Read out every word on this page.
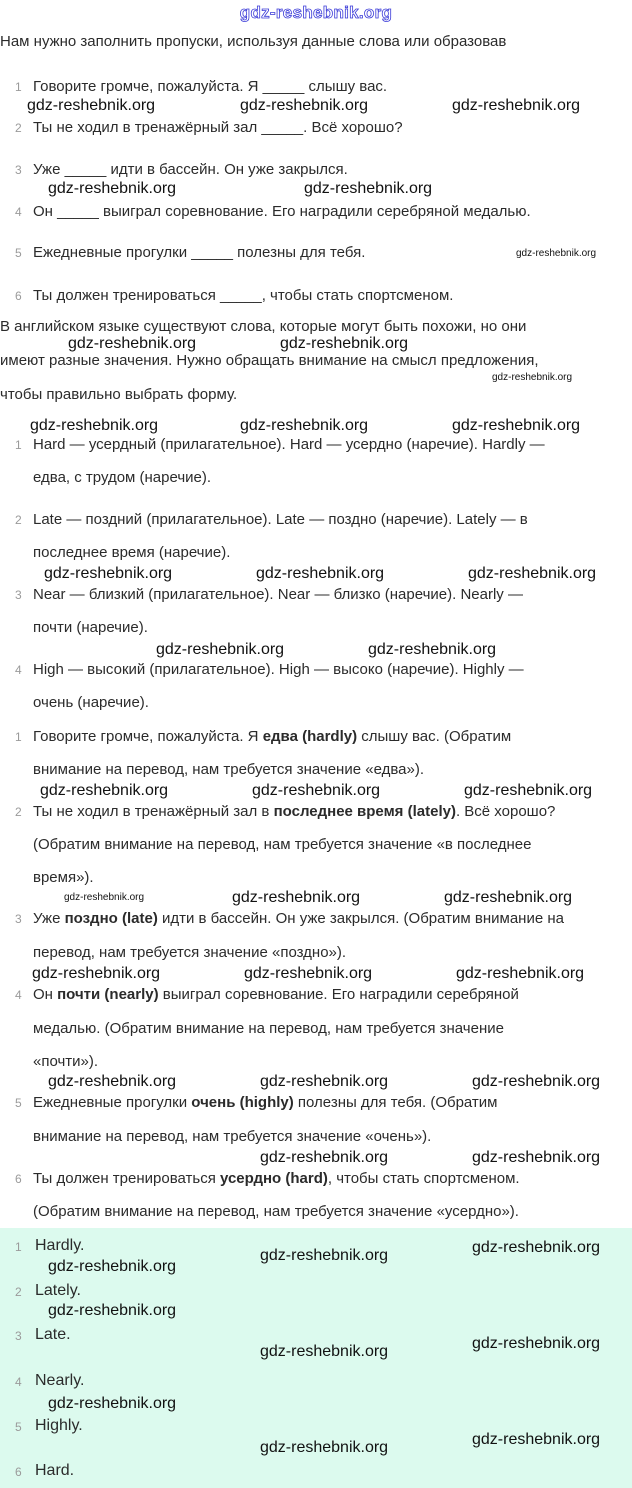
gdz-reshebnik.org
Нам нужно заполнить пропуски, используя данные слова или образовав
1 Говорите громче, пожалуйста. Я _____ слышу вас.
2 Ты не ходил в тренажёрный зал _____. Всё хорошо?
3 Уже _____ идти в бассейн. Он уже закрылся.
4 Он _____ выиграл соревнование. Его наградили серебряной медалью.
5 Ежедневные прогулки _____ полезны для тебя.
6 Ты должен тренироваться _____, чтобы стать спортсменом.
В английском языке существуют слова, которые могут быть похожи, но они
имеют разные значения. Нужно обращать внимание на смысл предложения,
чтобы правильно выбрать форму.
1 Hard — усердный (прилагательное). Hard — усердно (наречие). Hardly —
едва, с трудом (наречие).
2 Late — поздний (прилагательное). Late — поздно (наречие). Lately — в
последнее время (наречие).
3 Near — близкий (прилагательное). Near — близко (наречие). Nearly —
почти (наречие).
4 High — высокий (прилагательное). High — высоко (наречие). Highly —
очень (наречие).
1 Говорите громче, пожалуйста. Я едва (hardly) слышу вас. (Обратим
внимание на перевод, нам требуется значение «едва»).
2 Ты не ходил в тренажёрный зал в последнее время (lately). Всё хорошо?
(Обратим внимание на перевод, нам требуется значение «в последнее
время»).
3 Уже поздно (late) идти в бассейн. Он уже закрылся. (Обратим внимание на
перевод, нам требуется значение «поздно»).
4 Он почти (nearly) выиграл соревнование. Его наградили серебряной
медалью. (Обратим внимание на перевод, нам требуется значение
«почти»).
5 Ежедневные прогулки очень (highly) полезны для тебя. (Обратим
внимание на перевод, нам требуется значение «очень»).
6 Ты должен тренироваться усердно (hard), чтобы стать спортсменом.
(Обратим внимание на перевод, нам требуется значение «усердно»).
1 Hardly.
2 Lately.
3 Late.
4 Nearly.
5 Highly.
6 Hard.
gdz-reshebnik.org	gdz-reshebnik.org	gdz-reshebnik.org
gdz-reshebnik.org	gdz-reshebnik.org
gdz-reshebnik.org
gdz-reshebnik.org	gdz-reshebnik.org
gdz-reshebnik.org
gdz-reshebnik.org	gdz-reshebnik.org	gdz-reshebnik.org
gdz-reshebnik.org	gdz-reshebnik.org	gdz-reshebnik.org
gdz-reshebnik.org	gdz-reshebnik.org
gdz-reshebnik.org	gdz-reshebnik.org	gdz-reshebnik.org
gdz-reshebnik.org	gdz-reshebnik.org	gdz-reshebnik.org
gdz-reshebnik.org	gdz-reshebnik.org	gdz-reshebnik.org
gdz-reshebnik.org	gdz-reshebnik.org	gdz-reshebnik.org
gdz-reshebnik.org	gdz-reshebnik.org
gdz-reshebnik.org
gdz-reshebnik.org	gdz-reshebnik.org
gdz-reshebnik.org
gdz-reshebnik.org	gdz-reshebnik.org
gdz-reshebnik.org
gdz-reshebnik.org	gdz-reshebnik.org
